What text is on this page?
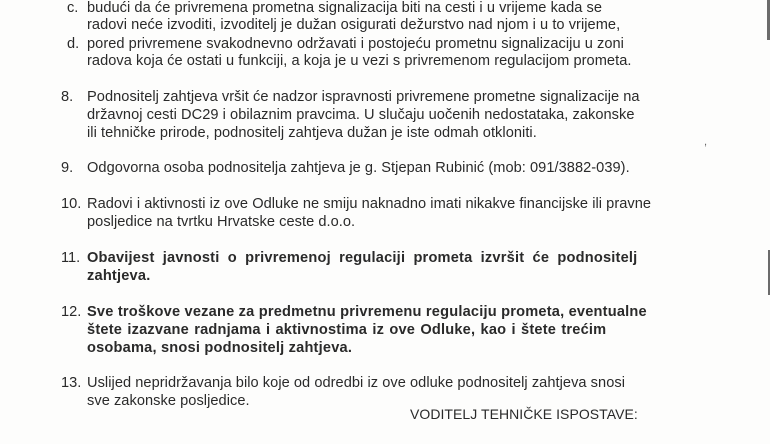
c. budući da će privremena prometna signalizacija biti na cesti i u vrijeme kada se
radovi neće izvoditi, izvoditelj je dužan osigurati dežurstvo nad njom i u to vrijeme,
d. pored privremene svakodnevno održavati i postojeću prometnu signalizaciju u zoni
radova koja će ostati u funkciji, a koja je u vezi s privremenom regulacijom prometa.
8. Podnositelj zahtjeva vršit će nadzor ispravnosti privremene prometne signalizacije na
državnoj cesti DC29 i obilaznim pravcima. U slučaju uočenih nedostataka, zakonske
ili tehničke prirode, podnositelj zahtjeva dužan je iste odmah otkloniti.
9. Odgovorna osoba podnositelja zahtjeva je g. Stjepan Rubinić (mob: 091/3882-039).
10. Radovi i aktivnosti iz ove Odluke ne smiju naknadno imati nikakve financijske ili pravne
posljedice na tvrtku Hrvatske ceste d.o.o.
11. Obavijest javnosti o privremenoj regulaciji prometa izvršit će podnositelj
zahtjeva.
12. Sve troškove vezane za predmetnu privremenu regulaciju prometa, eventualne
štete izazvane radnjama i aktivnostima iz ove Odluke, kao i štete trećim
osobama, snosi podnositelj zahtjeva.
13. Uslijed nepridržavanja bilo koje od odredbi iz ove odluke podnositelj zahtjeva snosi
sve zakonske posljedice.
VODITELJ TEHNIČKE ISPOSTAVE:
,
